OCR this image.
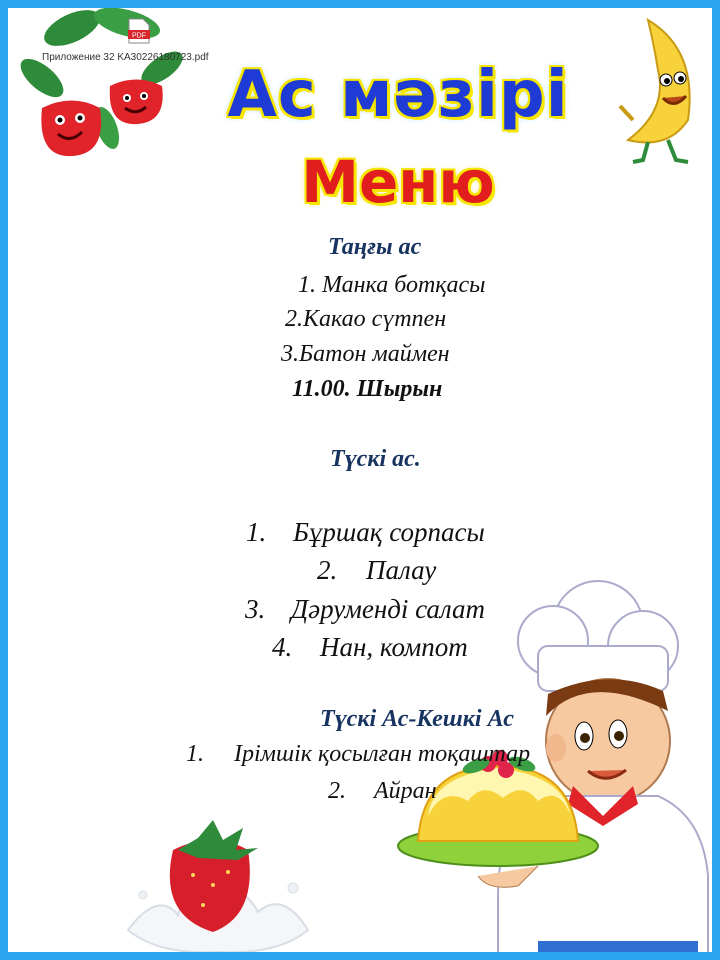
PDF
Приложение 32 KA30226180723.pdf
Ас мәзірі
Меню
Таңғы ас
1. Манка ботқасы
2.Какао сүтпен
3.Батон маймен
11.00. Шырын
Түскі ас.
1. Бұршақ сорпасы
2. Палау
3. Дәруменді салат
4. Нан, компот
Түскі Ас-Кешкі Ас
1. Ірімшік қосылған тоқаштар
2. Айран
